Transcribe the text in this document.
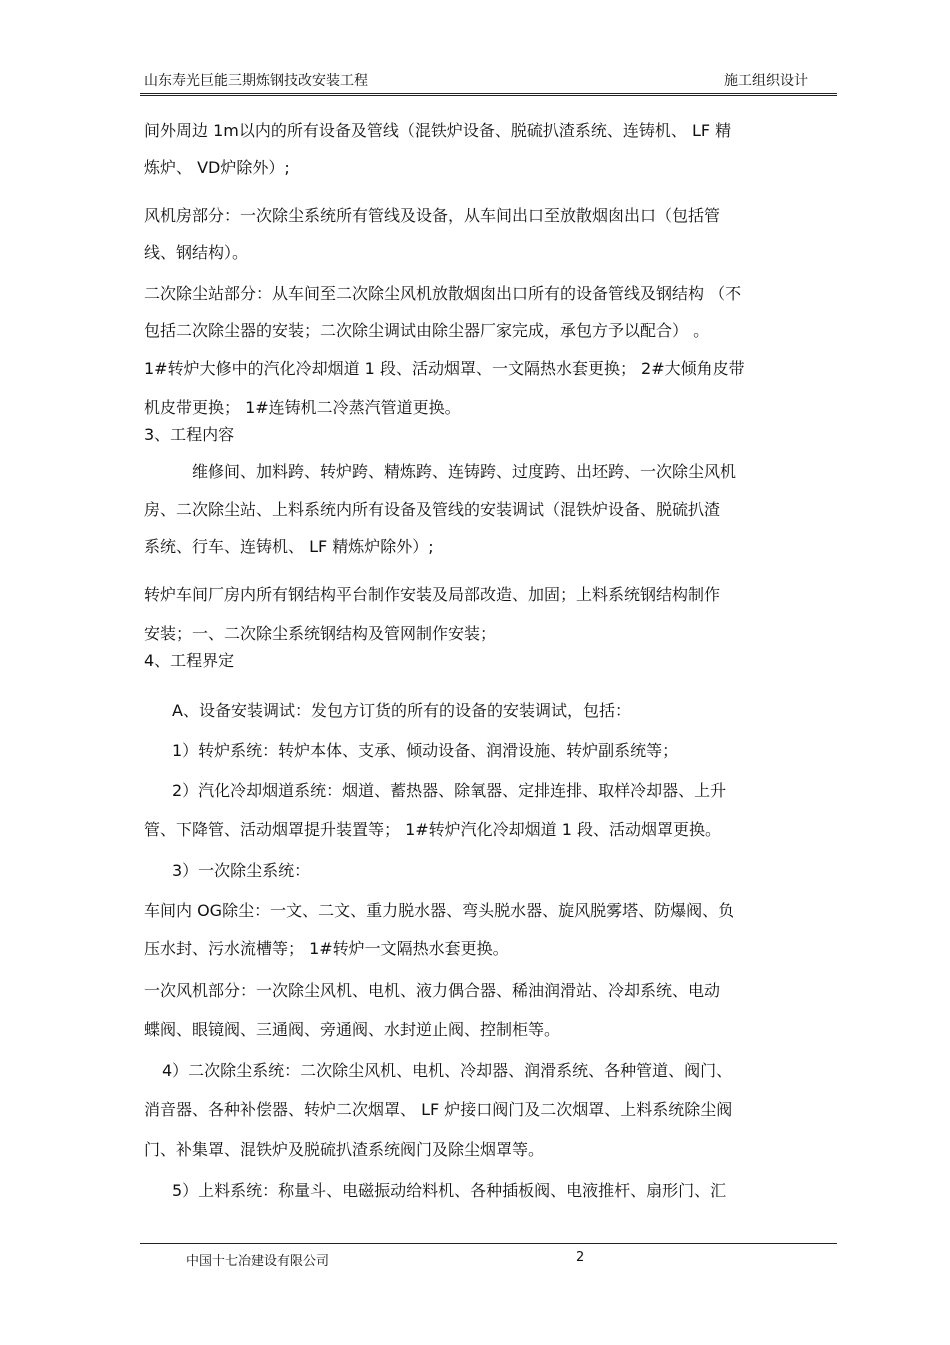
山东寿光巨能三期炼钢技改安装工程	施工组织设计
间外周边 1m以内的所有设备及管线（混铁炉设备、脱硫扒渣系统、连铸机、 LF 精
炼炉、 VD炉除外）;
风机房部分：一次除尘系统所有管线及设备，从车间出口至放散烟囱出口（包括管
线、钢结构）。
二次除尘站部分：从车间至二次除尘风机放散烟囱出口所有的设备管线及钢结构 （不
包括二次除尘器的安装；二次除尘调试由除尘器厂家完成，承包方予以配合） 。
1#转炉大修中的汽化冷却烟道 1 段、活动烟罩、一文隔热水套更换； 2#大倾角皮带
机皮带更换； 1#连铸机二冷蒸汽管道更换。
3、工程内容
维修间、加料跨、转炉跨、精炼跨、连铸跨、过度跨、出坯跨、一次除尘风机
房、二次除尘站、上料系统内所有设备及管线的安装调试（混铁炉设备、脱硫扒渣
系统、行车、连铸机、 LF 精炼炉除外）;
转炉车间厂房内所有钢结构平台制作安装及局部改造、加固；上料系统钢结构制作
安装；一、二次除尘系统钢结构及管网制作安装；
4、工程界定
A、设备安装调试：发包方订货的所有的设备的安装调试，包括：
1）转炉系统：转炉本体、支承、倾动设备、润滑设施、转炉副系统等；
2）汽化冷却烟道系统：烟道、蓄热器、除氧器、定排连排、取样冷却器、上升
管、下降管、活动烟罩提升装置等； 1#转炉汽化冷却烟道 1 段、活动烟罩更换。
3）一次除尘系统：
车间内 OG除尘：一文、二文、重力脱水器、弯头脱水器、旋风脱雾塔、防爆阀、负
压水封、污水流槽等； 1#转炉一文隔热水套更换。
一次风机部分：一次除尘风机、电机、液力偶合器、稀油润滑站、冷却系统、电动
蝶阀、眼镜阀、三通阀、旁通阀、水封逆止阀、控制柜等。
4）二次除尘系统：二次除尘风机、电机、冷却器、润滑系统、各种管道、阀门、
消音器、各种补偿器、转炉二次烟罩、 LF 炉接口阀门及二次烟罩、上料系统除尘阀
门、补集罩、混铁炉及脱硫扒渣系统阀门及除尘烟罩等。
5）上料系统：称量斗、电磁振动给料机、各种插板阀、电液推杆、扇形门、汇
中国十七冶建设有限公司	2
